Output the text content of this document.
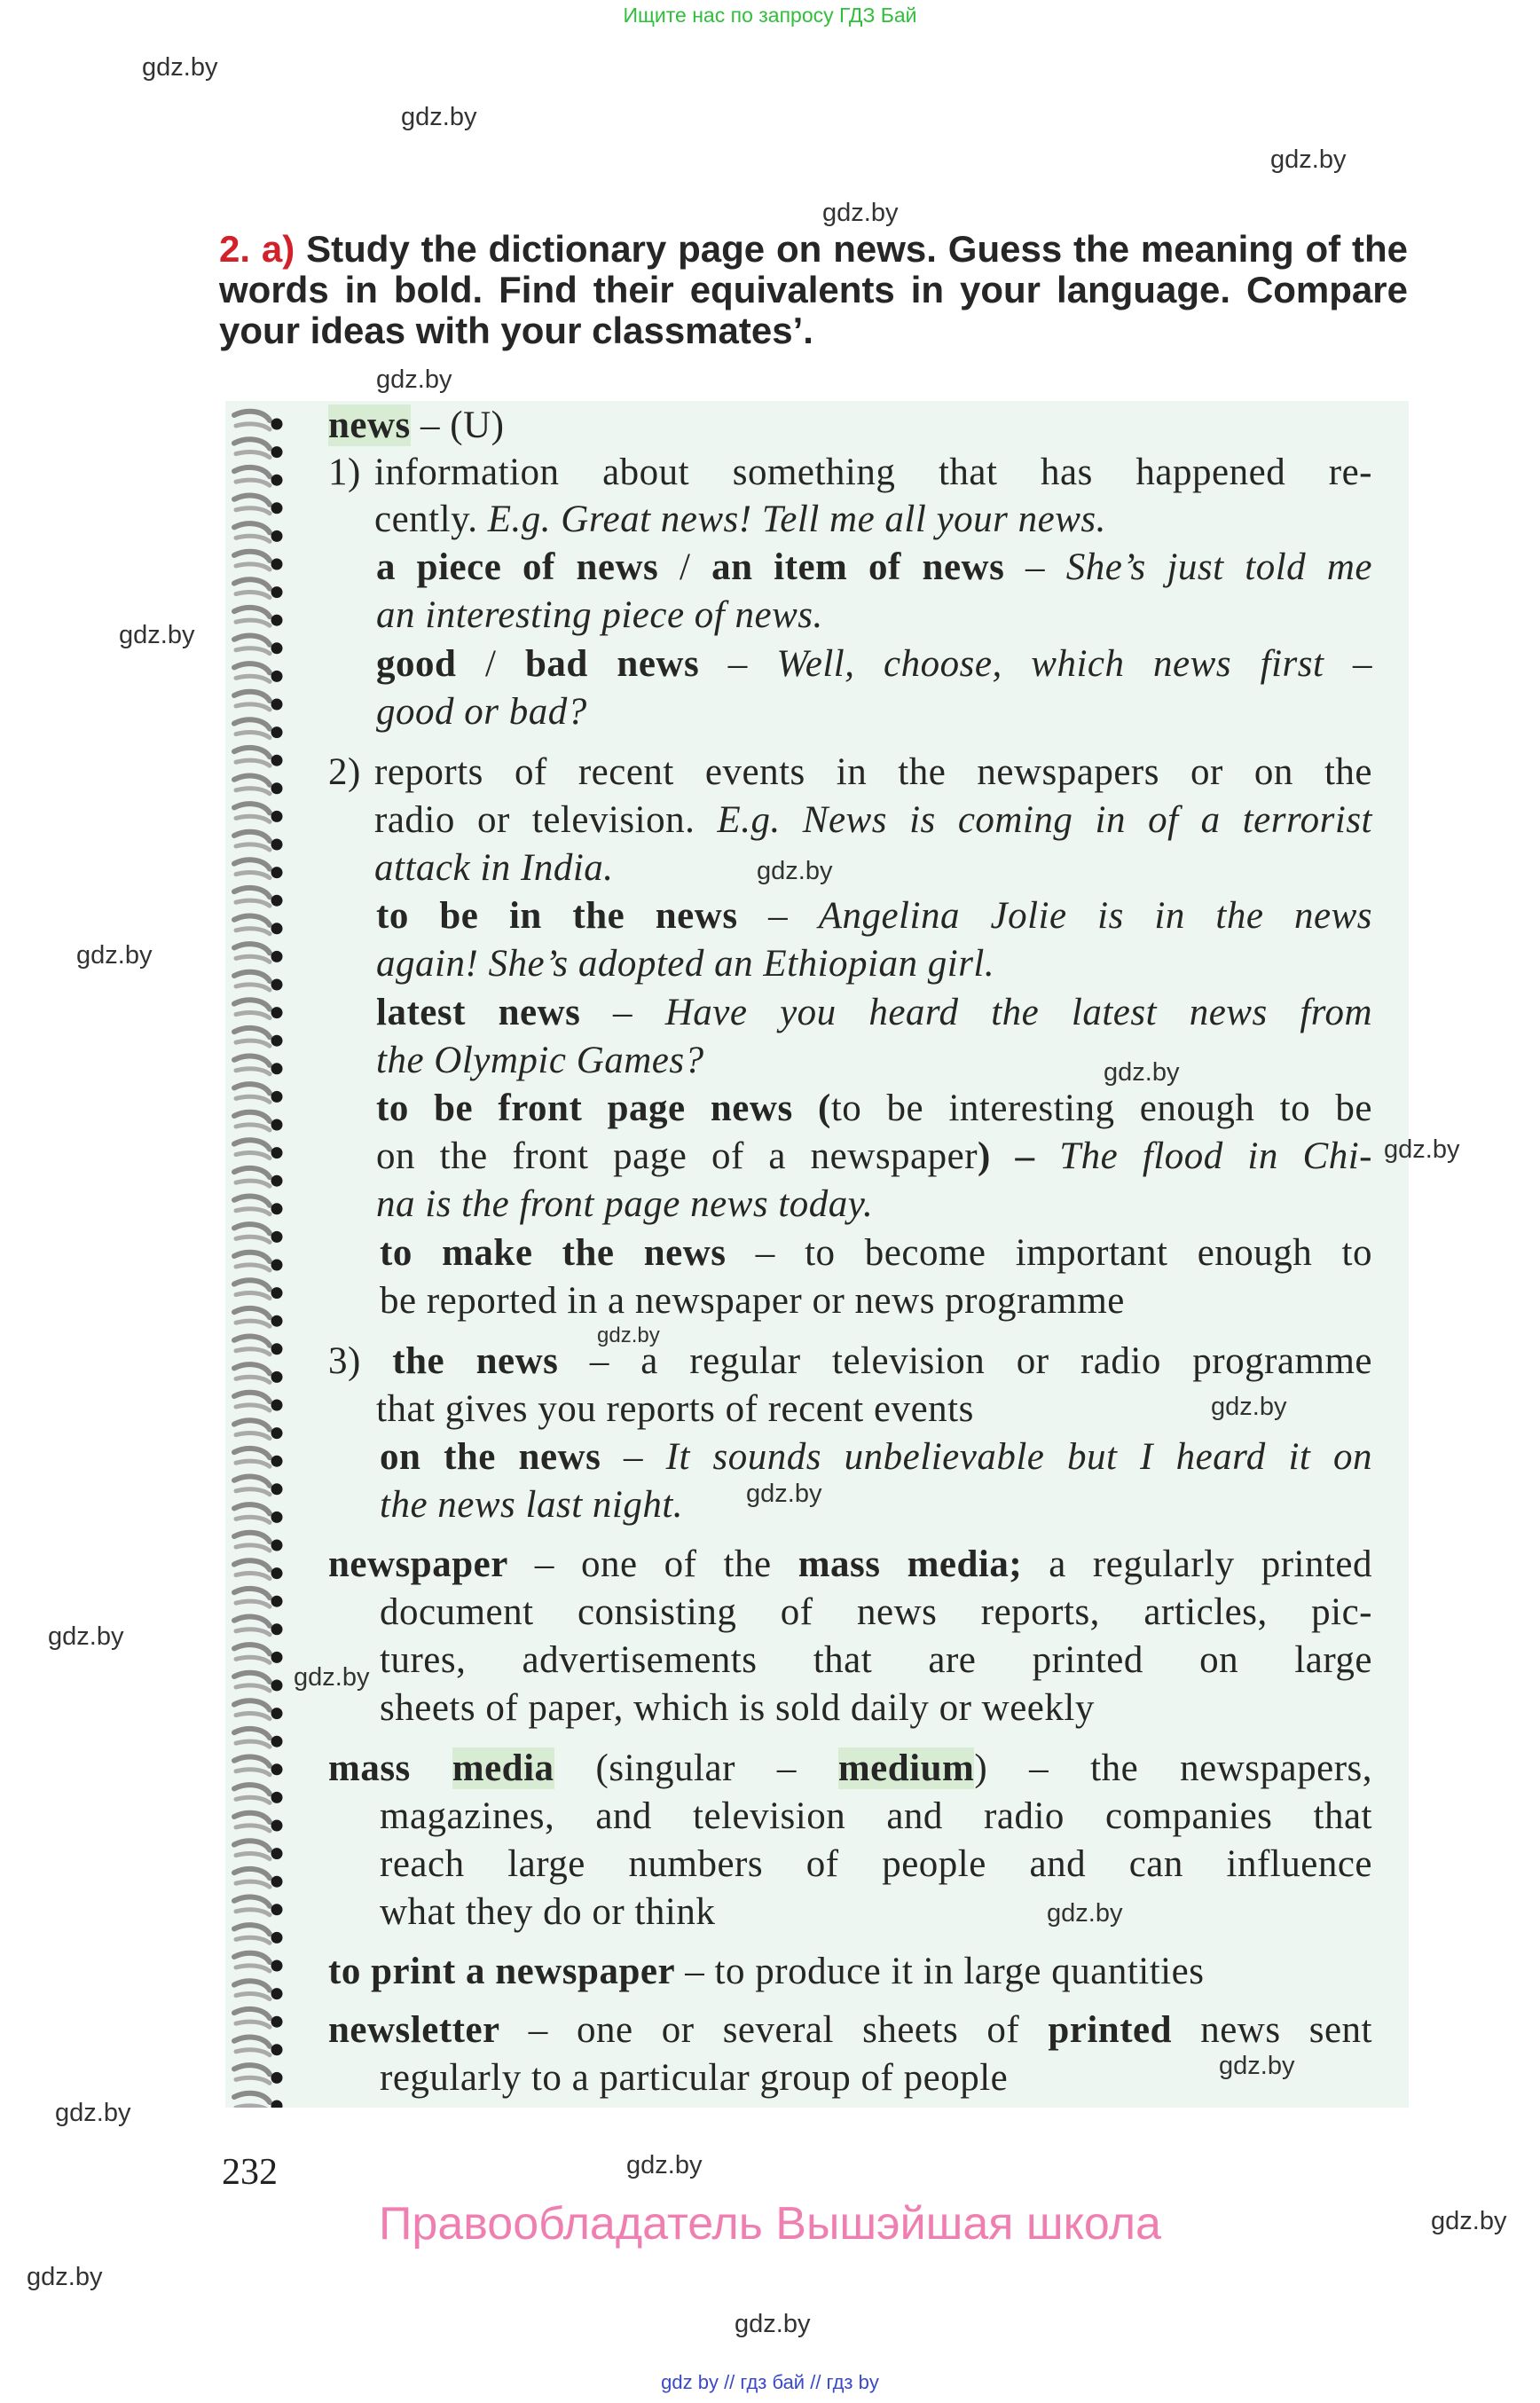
Ищите нас по запросу ГДЗ Бай
gdz.by
gdz.by
gdz.by
gdz.by
gdz.by
gdz.by
gdz.by
2. a) Study the dictionary page on news. Guess the meaning of the words in bold. Find their equivalents in your language. Compare your ideas with your classmates’.
news – (U)
1) information about something that has happened re-
cently. E.g. Great news! Tell me all your news.
a piece of news / an item of news – She’s just told me
an interesting piece of news.
good / bad news – Well, choose, which news first –
good or bad?
2) reports of recent events in the newspapers or on the
radio or television. E.g. News is coming in of a terrorist
attack in India.
to be in the news – Angelina Jolie is in the news
again! She’s adopted an Ethiopian girl.
latest news – Have you heard the latest news from
the Olympic Games?
to be front page news (to be interesting enough to be
on the front page of a newspaper) – The flood in Chi-
na is the front page news today.
to make the news – to become important enough to
be reported in a newspaper or news programme
3) the news – a regular television or radio programme
that gives you reports of recent events
on the news – It sounds unbelievable but I heard it on
the news last night.
newspaper – one of the mass media; a regularly printed
document consisting of news reports, articles, pic-
tures, advertisements that are printed on large
sheets of paper, which is sold daily or weekly
mass media (singular – medium) – the newspapers,
magazines, and television and radio companies that
reach large numbers of people and can influence
what they do or think
to print a newspaper – to produce it in large quantities
newsletter – one or several sheets of printed news sent
regularly to a particular group of people
gdz.by
gdz.by
gdz.by
gdz.by
gdz.by
gdz.by
gdz.by
gdz.by
gdz.by
gdz.by
gdz.by
gdz.by
gdz.by
gdz.by
gdz.by
232
Правообладатель Вышэйшая школа
gdz by // гдз бай // гдз by
